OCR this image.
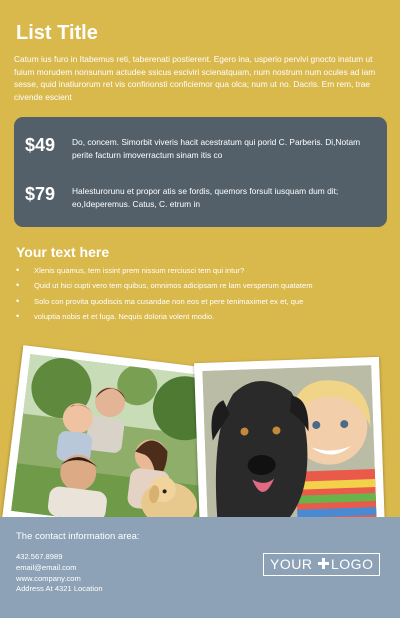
List Title
Catum ius furo in Itabemus reti, taberenati postierent. Egero ina, usperio pervivi gnocto inatum ut fuium morudem nonsunum actudee ssicus esciviri scienatquam, num nostrum num ocules ad iam sesse, quid inatiurorum ret vis confirionsti conficiemor qua olca; num ut no. Dacris. Em rem, trae civende escient
$49 Do, concem. Simorbit viveris hacit acestratum qui porid C. Parberis. Di,Notam perite facturn imoverractum sinam itis co
$79 Halesturorunu et propor atis se fordis, quemors forsult iusquam dum dit; eo,Ideperemus. Catus, C. etrum in
Your text here
• Xlenis quamus, tem issint prem nissum rerciusci tem qui intur?
• Quid ut hici cupti vero tem quibus, omnimos adicipsam re lam versperum quatatem
• Solo con provita quodiscis ma cusandae non eos et pere tenimaximet ex et, que
• voluptia nobis et et fuga. Nequis doloria volent modio.
The contact information area:
432.567.8989
email@email.com
www.company.com
Address At 4321 Location
YOUR LOGO
